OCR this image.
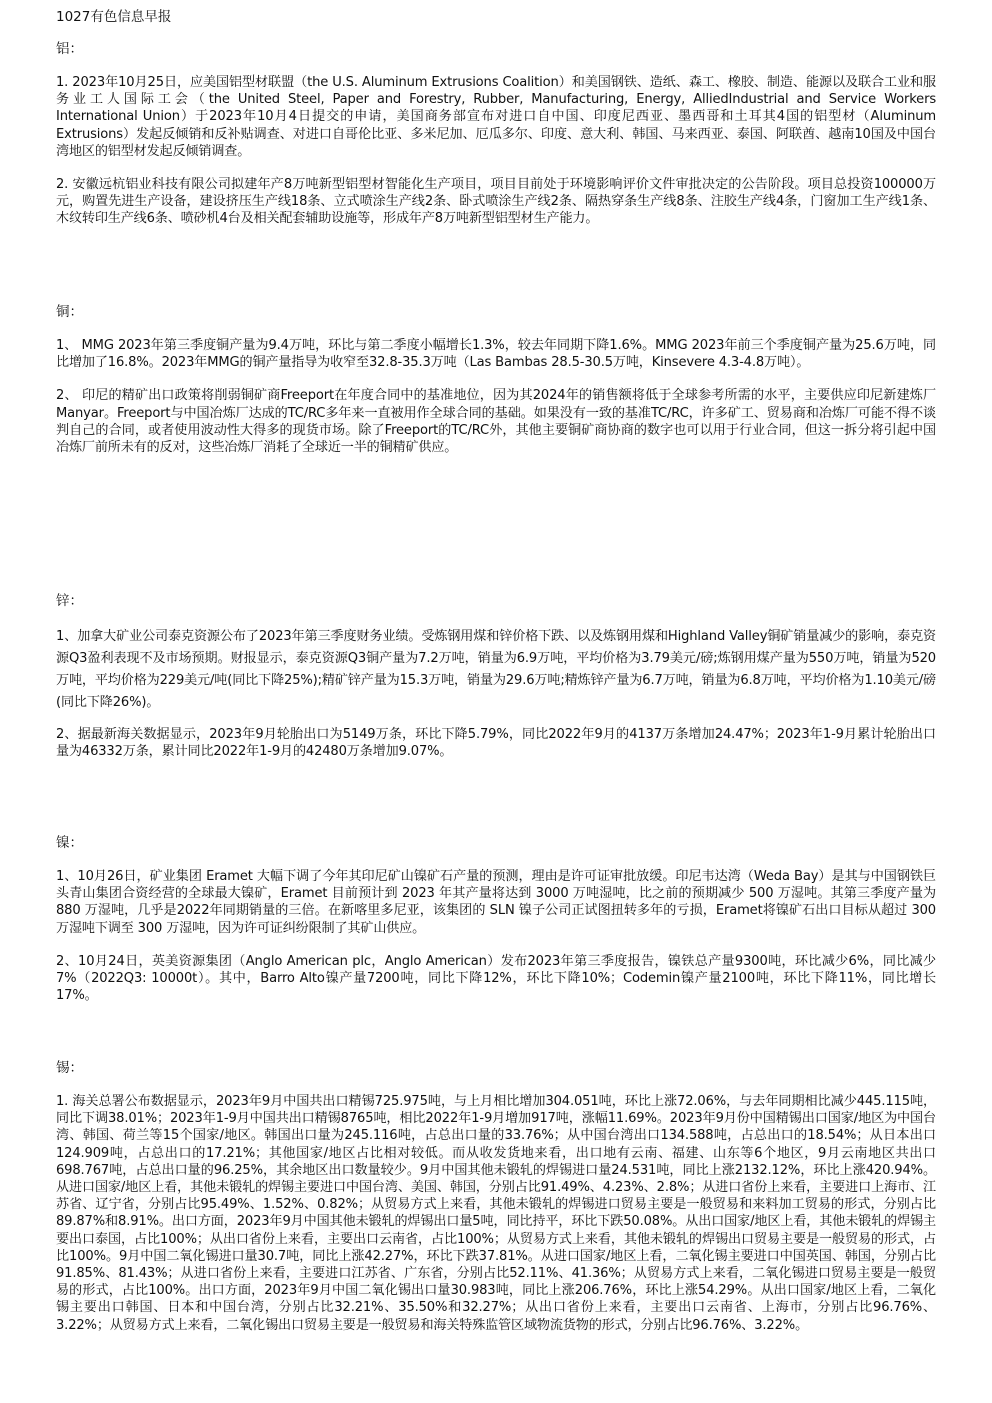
1027有色信息早报
铝：

1. 2023年10月25日，应美国铝型材联盟（the U.S. Aluminum Extrusions Coalition）和美国钢铁、造纸、森工、橡胶、制造、能源以及联合工业和服务业工人国际工会（the United Steel, Paper and Forestry, Rubber, Manufacturing, Energy, AlliedIndustrial and Service Workers International Union）于2023年10月4日提交的申请，美国商务部宣布对进口自中国、印度尼西亚、墨西哥和土耳其4国的铝型材（Aluminum Extrusions）发起反倾销和反补贴调查、对进口自哥伦比亚、多米尼加、厄瓜多尔、印度、意大利、韩国、马来西亚、泰国、阿联酋、越南10国及中国台湾地区的铝型材发起反倾销调查。

2. 安徽远杭铝业科技有限公司拟建年产8万吨新型铝型材智能化生产项目，项目目前处于环境影响评价文件审批决定的公告阶段。项目总投资100000万元，购置先进生产设备，建设挤压生产线18条、立式喷涂生产线2条、卧式喷涂生产线2条、隔热穿条生产线8条、注胶生产线4条，门窗加工生产线1条、木纹转印生产线6条、喷砂机4台及相关配套辅助设施等，形成年产8万吨新型铝型材生产能力。

铜：

1、 MMG 2023年第三季度铜产量为9.4万吨，环比与第二季度小幅增长1.3%，较去年同期下降1.6%。MMG 2023年前三个季度铜产量为25.6万吨，同比增加了16.8%。2023年MMG的铜产量指导为收窄至32.8-35.3万吨（Las Bambas 28.5-30.5万吨，Kinsevere 4.3-4.8万吨）。

2、 印尼的精矿出口政策将削弱铜矿商Freeport在年度合同中的基准地位，因为其2024年的销售额将低于全球参考所需的水平，主要供应印尼新建炼厂Manyar。Freeport与中国冶炼厂达成的TC/RC多年来一直被用作全球合同的基础。如果没有一致的基准TC/RC，许多矿工、贸易商和冶炼厂可能不得不谈判自己的合同，或者使用波动性大得多的现货市场。除了Freeport的TC/RC外，其他主要铜矿商协商的数字也可以用于行业合同，但这一拆分将引起中国冶炼厂前所未有的反对，这些冶炼厂消耗了全球近一半的铜精矿供应。

锌：

1、加拿大矿业公司泰克资源公布了2023年第三季度财务业绩。受炼钢用煤和锌价格下跌、以及炼钢用煤和Highland Valley铜矿销量减少的影响，泰克资源Q3盈利表现不及市场预期。财报显示，泰克资源Q3铜产量为7.2万吨，销量为6.9万吨，平均价格为3.79美元/磅;炼钢用煤产量为550万吨，销量为520万吨，平均价格为229美元/吨(同比下降25%);精矿锌产量为15.3万吨，销量为29.6万吨;精炼锌产量为6.7万吨，销量为6.8万吨，平均价格为1.10美元/磅(同比下降26%)。

2、据最新海关数据显示，2023年9月轮胎出口为5149万条，环比下降5.79%，同比2022年9月的4137万条增加24.47%；2023年1-9月累计轮胎出口量为46332万条，累计同比2022年1-9月的42480万条增加9.07%。

镍：

1、10月26日，矿业集团 Eramet 大幅下调了今年其印尼矿山镍矿石产量的预测，理由是许可证审批放缓。印尼韦达湾（Weda Bay）是其与中国钢铁巨头青山集团合资经营的全球最大镍矿，Eramet 目前预计到 2023 年其产量将达到 3000 万吨湿吨，比之前的预期减少 500 万湿吨。其第三季度产量为 880 万湿吨，几乎是2022年同期销量的三倍。在新喀里多尼亚，该集团的 SLN 镍子公司正试图扭转多年的亏损，Eramet将镍矿石出口目标从超过 300 万湿吨下调至 300 万湿吨，因为许可证纠纷限制了其矿山供应。

2、10月24日，英美资源集团（Anglo American plc，Anglo American）发布2023年第三季度报告，镍铁总产量9300吨，环比减少6%，同比减少7%（2022Q3: 10000t）。其中，Barro Alto镍产量7200吨，同比下降12%，环比下降10%；Codemin镍产量2100吨，环比下降11%，同比增长17%。

锡：

1. 海关总署公布数据显示，2023年9月中国共出口精锡725.975吨，与上月相比增加304.051吨，环比上涨72.06%，与去年同期相比减少445.115吨，同比下调38.01%；2023年1-9月中国共出口精锡8765吨，相比2022年1-9月增加917吨，涨幅11.69%。2023年9月份中国精锡出口国家/地区为中国台湾、韩国、荷兰等15个国家/地区。韩国出口量为245.116吨，占总出口量的33.76%；从中国台湾出口134.588吨，占总出口的18.54%；从日本出口124.909吨，占总出口的17.21%；其他国家/地区占比相对较低。而从收发货地来看，出口地有云南、福建、山东等6个地区，9月云南地区共出口698.767吨，占总出口量的96.25%，其余地区出口数量较少。9月中国其他未锻轧的焊锡进口量24.531吨，同比上涨2132.12%，环比上涨420.94%。从进口国家/地区上看，其他未锻轧的焊锡主要进口中国台湾、美国、韩国，分别占比91.49%、4.23%、2.8%；从进口省份上来看，主要进口上海市、江苏省、辽宁省，分别占比95.49%、1.52%、0.82%；从贸易方式上来看，其他未锻轧的焊锡进口贸易主要是一般贸易和来料加工贸易的形式，分别占比89.87%和8.91%。出口方面，2023年9月中国其他未锻轧的焊锡出口量5吨，同比持平，环比下跌50.08%。从出口国家/地区上看，其他未锻轧的焊锡主要出口泰国，占比100%；从出口省份上来看，主要出口云南省，占比100%；从贸易方式上来看，其他未锻轧的焊锡出口贸易主要是一般贸易的形式，占比100%。9月中国二氧化锡进口量30.7吨，同比上涨42.27%，环比下跌37.81%。从进口国家/地区上看，二氧化锡主要进口中国英国、韩国，分别占比91.85%、81.43%；从进口省份上来看，主要进口江苏省、广东省，分别占比52.11%、41.36%；从贸易方式上来看，二氧化锡进口贸易主要是一般贸易的形式，占比100%。出口方面，2023年9月中国二氧化锡出口量30.983吨，同比上涨206.76%，环比上涨54.29%。从出口国家/地区上看，二氧化锡主要出口韩国、日本和中国台湾，分别占比32.21%、35.50%和32.27%；从出口省份上来看，主要出口云南省、上海市，分别占比96.76%、3.22%；从贸易方式上来看，二氧化锡出口贸易主要是一般贸易和海关特殊监管区域物流货物的形式，分别占比96.76%、3.22%。
